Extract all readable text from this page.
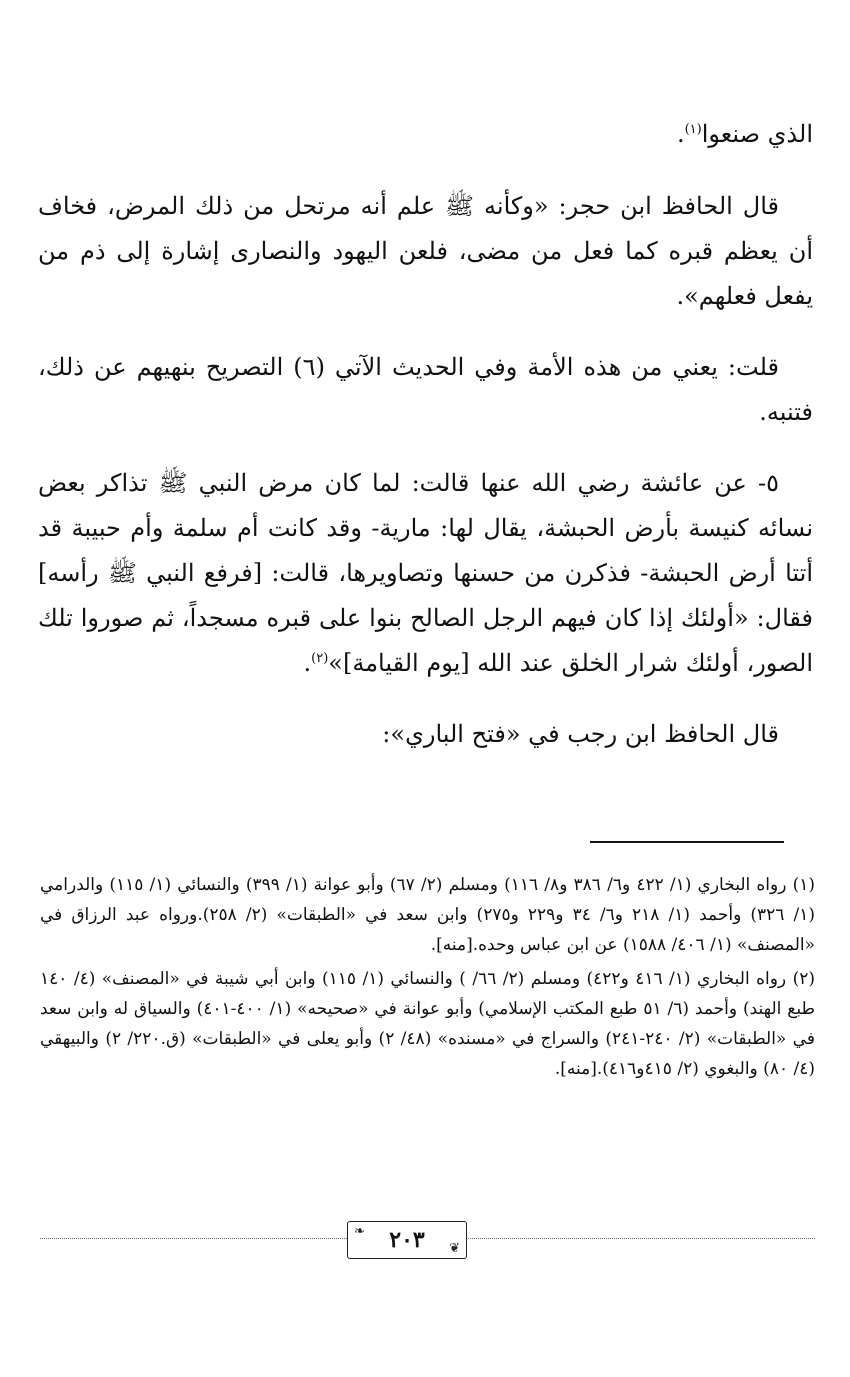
الذي صنعوا$^{(١)}$.

قال الحافظ ابن حجر: «وكأنه ﷺ علم أنه مرتحل من ذلك المرض، فخاف أن يعظم قبره كما فعل من مضى، فلعن اليهود والنصارى إشارة إلى ذم من يفعل فعلهم».

قلت: يعني من هذه الأمة وفي الحديث الآتي (٦) التصريح بنهيهم عن ذلك، فتنبه.

٥- عن عائشة رضي الله عنها قالت: لما كان مرض النبي ﷺ تذاكر بعض نسائه كنيسة بأرض الحبشة، يقال لها: مارية- وقد كانت أم سلمة وأم حبيبة قد أتتا أرض الحبشة- فذكرن من حسنها وتصاويرها، قالت: [فرفع النبي ﷺ رأسه] فقال: «أولئك إذا كان فيهم الرجل الصالح بنوا على قبره مسجداً، ثم صوروا تلك الصور، أولئك شرار الخلق عند الله [يوم القيامة]»$^{(٢)}$.

قال الحافظ ابن رجب في «فتح الباري»:

(١) رواه البخاري (١/ ٤٢٢ و٦/ ٣٨٦ و٨/ ١١٦) ومسلم (٢/ ٦٧) وأبو عوانة (١/ ٣٩٩) والنسائي (١/ ١١٥) والدرامي (١/ ٣٢٦) وأحمد (١/ ٢١٨ و٦/ ٣٤ و٢٢٩ و٢٧٥) وابن سعد في «الطبقات» (٢/ ٢٥٨).ورواه عبد الرزاق في «المصنف» (١/ ٤٠٦/ ١٥٨٨) عن ابن عباس وحده.[منه].

(٢) رواه البخاري (١/ ٤١٦ و٤٢٢) ومسلم (٢/ ٦٦/ ) والنسائي (١/ ١١٥) وابن أبي شيبة في «المصنف» (٤/ ١٤٠ طبع الهند) وأحمد (٦/ ٥١ طبع المكتب الإسلامي) وأبو عوانة في «صحيحه» (١/ ٤٠٠-٤٠١) والسياق له وابن سعد في «الطبقات» (٢/ ٢٤٠-٢٤١) والسراج في «مسنده» (٤٨/ ٢) وأبو يعلى في «الطبقات» (ق.٢٢٠/ ٢) والبيهقي (٤/ ٨٠) والبغوي (٢/ ٤١٥و٤١٦).[منه].

❧ ٢٠٣ ❦
